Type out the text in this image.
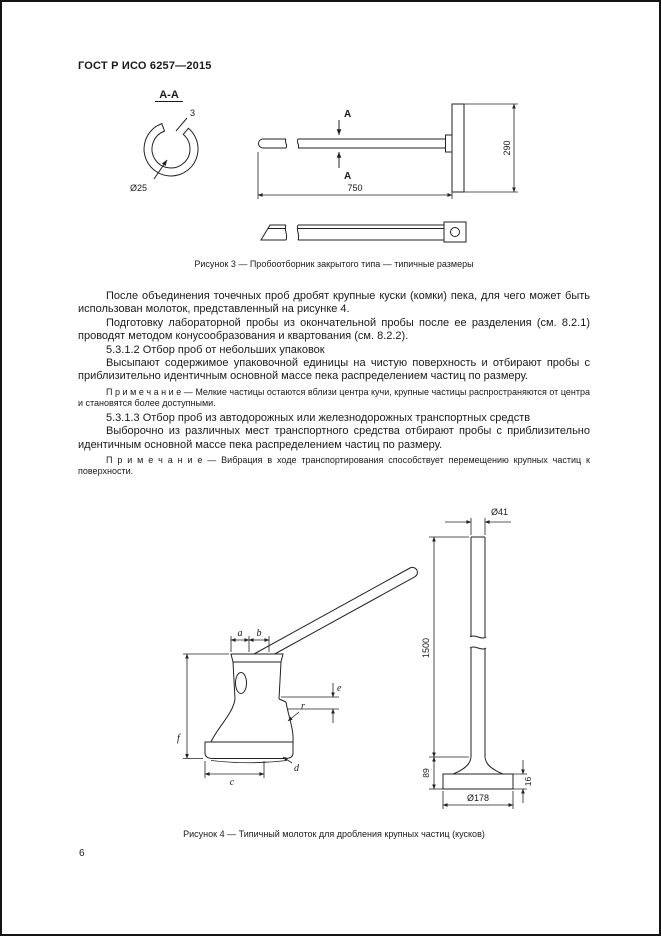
ГОСТ Р ИСО 6257—2015
А-А
3
Ø25
А
А
750
290
Рисунок 3 — Пробоотборник закрытого типа — типичные размеры

После объединения точечных проб дробят крупные куски (комки) пека, для чего может быть использован молоток, представленный на рисунке 4.

Подготовку лабораторной пробы из окончательной пробы после ее разделения (см. 8.2.1) проводят методом конусообразования и квартования (см. 8.2.2).

5.3.1.2 Отбор проб от небольших упаковок

Высыпают содержимое упаковочной единицы на чистую поверхность и отбирают пробы с приблизительно идентичным основной массе пека распределением частиц по размеру.

П р и м е ч а н и е — Мелкие частицы остаются вблизи центра кучи, крупные частицы распространяются от центра и становятся более доступными.

5.3.1.3 Отбор проб из автодорожных или железнодорожных транспортных средств

Выборочно из различных мест транспортного средства отбирают пробы с приблизительно идентичным основной массе пека распределением частиц по размеру.

П р и м е ч а н и е — Вибрация в ходе транспортирования способствует перемещению крупных частиц к поверхности.

a b
e
r
f
c
d
Ø41
1500
89
16
Ø178
Рисунок 4 — Типичный молоток для дробления крупных частиц (кусков)
6
